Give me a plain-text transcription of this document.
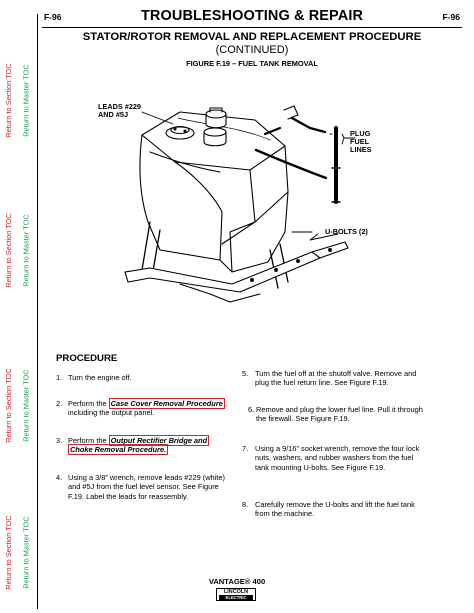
Return to Section TOC Return to Master TOC
Return to Section TOC Return to Master TOC
Return to Section TOC Return to Master TOC
Return to Section TOC Return to Master TOC
F-96	TROUBLESHOOTING & REPAIR	F-96
STATOR/ROTOR REMOVAL AND REPLACEMENT PROCEDURE
(CONTINUED)
FIGURE F.19 – FUEL TANK REMOVAL
LEADS #229
AND #5J
PLUG
FUEL
LINES
U-BOLTS (2)
PROCEDURE
1. Turn the engine off.
2. Perform the Case Cover Removal Procedure , including the output panel.
3. Perform the Output Rectifier Bridge and
Choke Removal Procedure.
4. Using a 3/8” wrench, remove leads #229 (white) and #5J from the fuel level sensor. See Figure F.19. Label the leads for reassembly.
5. Turn the fuel off at the shutoff valve. Remove and plug the fuel return line. See Figure F.19.
6. Remove and plug the lower fuel line. Pull it through the firewall. See Figure F.19.
7. Using a 9/16” socket wrench, remove the four lock nuts, washers, and rubber washers from the fuel tank mounting U-bolts. See Figure F.19.
8. Carefully remove the U-bolts and lift the fuel tank from the machine.
VANTAGE® 400
LINCOLN
ELECTRIC
